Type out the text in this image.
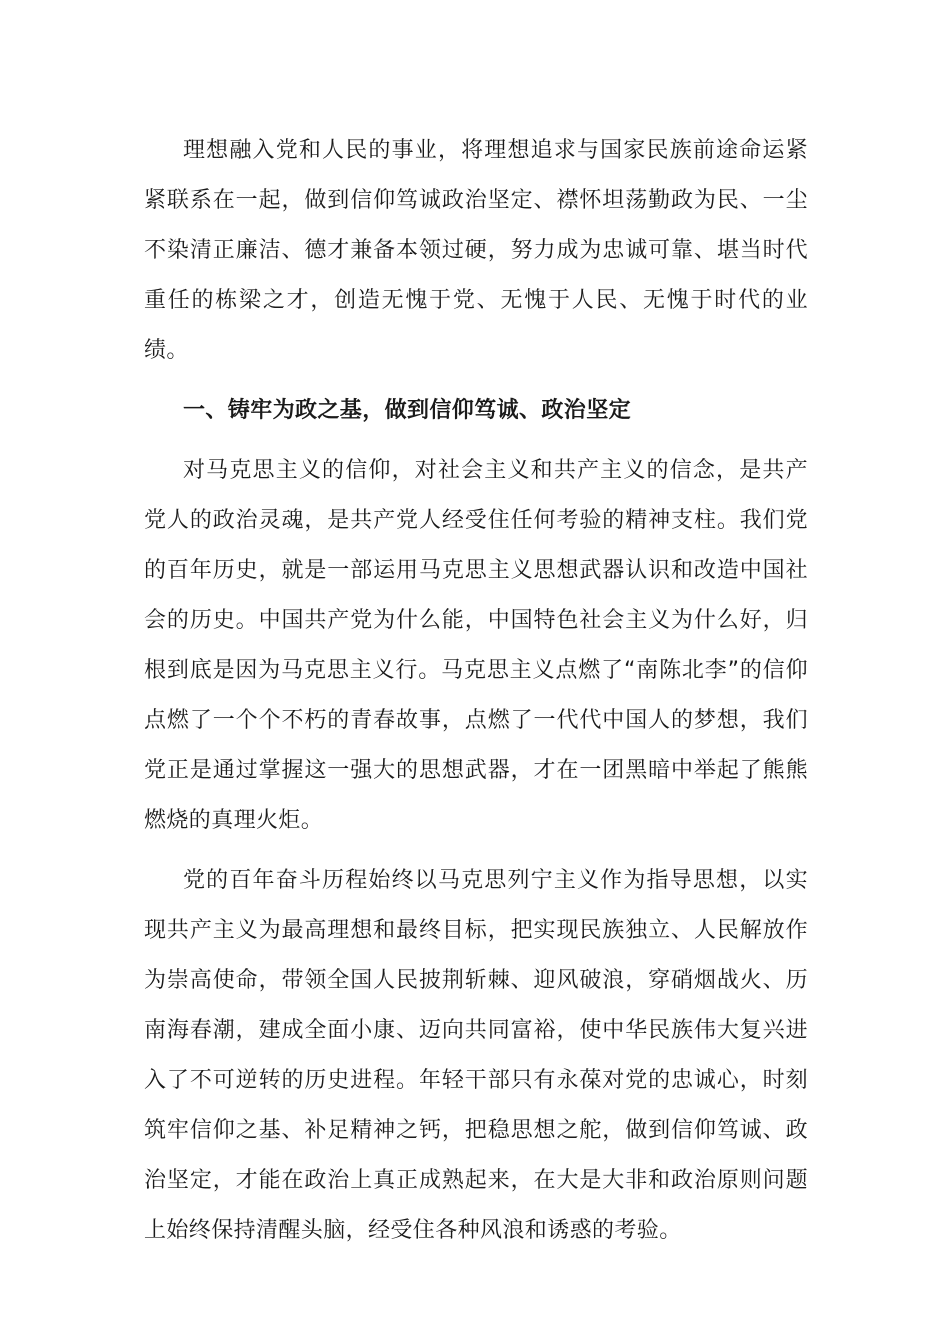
理想融入党和人民的事业，将理想追求与国家民族前途命运紧紧联系在一起，做到信仰笃诚政治坚定、襟怀坦荡勤政为民、一尘不染清正廉洁、德才兼备本领过硬，努力成为忠诚可靠、堪当时代重任的栋梁之才，创造无愧于党、无愧于人民、无愧于时代的业绩。

一、铸牢为政之基，做到信仰笃诚、政治坚定

对马克思主义的信仰，对社会主义和共产主义的信念，是共产党人的政治灵魂，是共产党人经受住任何考验的精神支柱。我们党的百年历史，就是一部运用马克思主义思想武器认识和改造中国社会的历史。中国共产党为什么能，中国特色社会主义为什么好，归根到底是因为马克思主义行。马克思主义点燃了“南陈北李”的信仰点燃了一个个不朽的青春故事，点燃了一代代中国人的梦想，我们党正是通过掌握这一强大的思想武器，才在一团黑暗中举起了熊熊燃烧的真理火炬。

党的百年奋斗历程始终以马克思列宁主义作为指导思想，以实现共产主义为最高理想和最终目标，把实现民族独立、人民解放作为崇高使命，带领全国人民披荆斩棘、迎风破浪，穿硝烟战火、历南海春潮，建成全面小康、迈向共同富裕，使中华民族伟大复兴进入了不可逆转的历史进程。年轻干部只有永葆对党的忠诚心，时刻筑牢信仰之基、补足精神之钙，把稳思想之舵，做到信仰笃诚、政治坚定，才能在政治上真正成熟起来，在大是大非和政治原则问题上始终保持清醒头脑，经受住各种风浪和诱惑的考验。
